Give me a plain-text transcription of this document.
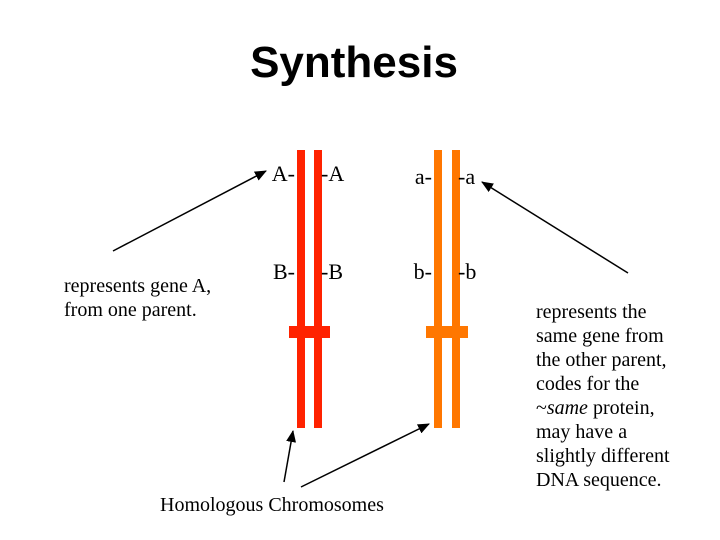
Synthesis
A- -A
B- -B
a- -a
b- -b
represents gene A,
from one parent.	represents the
same gene from
the other parent,
codes for the
~same protein,
may have a
slightly different
DNA sequence.
Homologous Chromosomes
